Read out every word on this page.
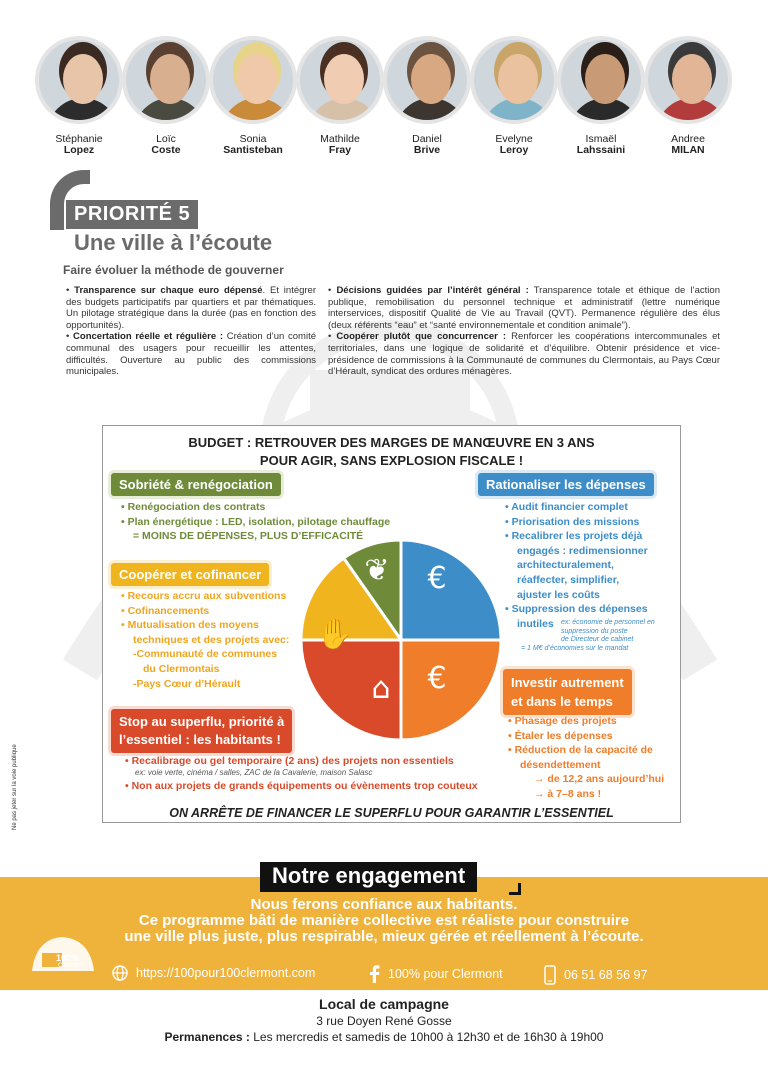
Stéphanie
Lopez
Loïc
Coste
Sonia
Santisteban
Mathilde
Fray
Daniel
Brive
Evelyne
Leroy
Ismaël
Lahssaini
Andree
MILAN
PRIORITÉ 5
Une ville à l’écoute
Faire évoluer la méthode de gouverner

• Transparence sur chaque euro dépensé. Et intégrer des budgets participatifs par quartiers et par thématiques. Un pilotage stratégique dans la durée (pas en fonction des opportunités).

• Concertation réelle et régulière : Création d’un comité communal des usagers pour recueillir les attentes, difficultés. Ouverture au public des commissions municipales.

• Décisions guidées par l’intérêt général : Transparence totale et éthique de l’action publique, remobilisation du personnel technique et administratif (lettre numérique interservices, dispositif Qualité de Vie au Travail (QVT). Permanence régulière des élus (deux référents “eau” et “santé environnementale et condition animale”).

• Coopérer plutôt que concurrencer : Renforcer les coopérations intercommunales et territoriales, dans une logique de solidarité et d’équilibre. Obtenir présidence et vice-présidence de commissions à la Communauté de communes du Clermontais, au Pays Cœur d’Hérault, syndicat des ordures ménagères.

BUDGET : RETROUVER DES MARGES DE MANŒUVRE EN 3 ANS
POUR AGIR, SANS EXPLOSION FISCALE !
Sobriété & renégociation
• Renégociation des contrats
• Plan énergétique : LED, isolation, pilotage chauffage
= MOINS DE DÉPENSES, PLUS D’EFFICACITÉ
Rationaliser les dépenses
• Audit financier complet
• Priorisation des missions
• Recalibrer les projets déjà
engagés : redimensionner
architecturalement,
réaffecter, simplifier,
ajuster les coûts
• Suppression des dépenses
inutiles	ex: économie de personnel en
suppression du poste
de Directeur de cabinet
= 1 M€ d’économies sur le mandat
Coopérer et cofinancer
• Recours accru aux subventions
• Cofinancements
• Mutualisation des moyens
techniques et des projets avec:
-Communauté de communes
du Clermontais
-Pays Cœur d’Hérault	Investir autrement
et dans le temps
• Phasage des projets
• Étaler les dépenses
• Réduction de la capacité de
désendettement
→ de 12,2 ans aujourd’hui
→ à 7–8 ans !
Stop au superflu, priorité à
l’essentiel : les habitants !
• Recalibrage ou gel temporaire (2 ans) des projets non essentiels
ex: voie verte, cinéma / salles, ZAC de la Cavalerie, maison Salasc
• Non aux projets de grands équipements ou évènements trop couteux
❦ €
€
⌂
✋
ON ARRÊTE DE FINANCER LE SUPERFLU POUR GARANTIR L’ESSENTIEL
Ne pas jeter sur la voie publique
Notre engagement
Nous ferons confiance aux habitants.
Ce programme bâti de manière collective est réaliste pour construire
une ville plus juste, plus respirable, mieux gérée et réellement à l’écoute.
100%
Clermont	https://100pour100clermont.com	100% pour Clermont	06 51 68 56 97
Local de campagne
3 rue Doyen René Gosse
Permanences : Les mercredis et samedis de 10h00 à 12h30 et de 16h30 à 19h00
